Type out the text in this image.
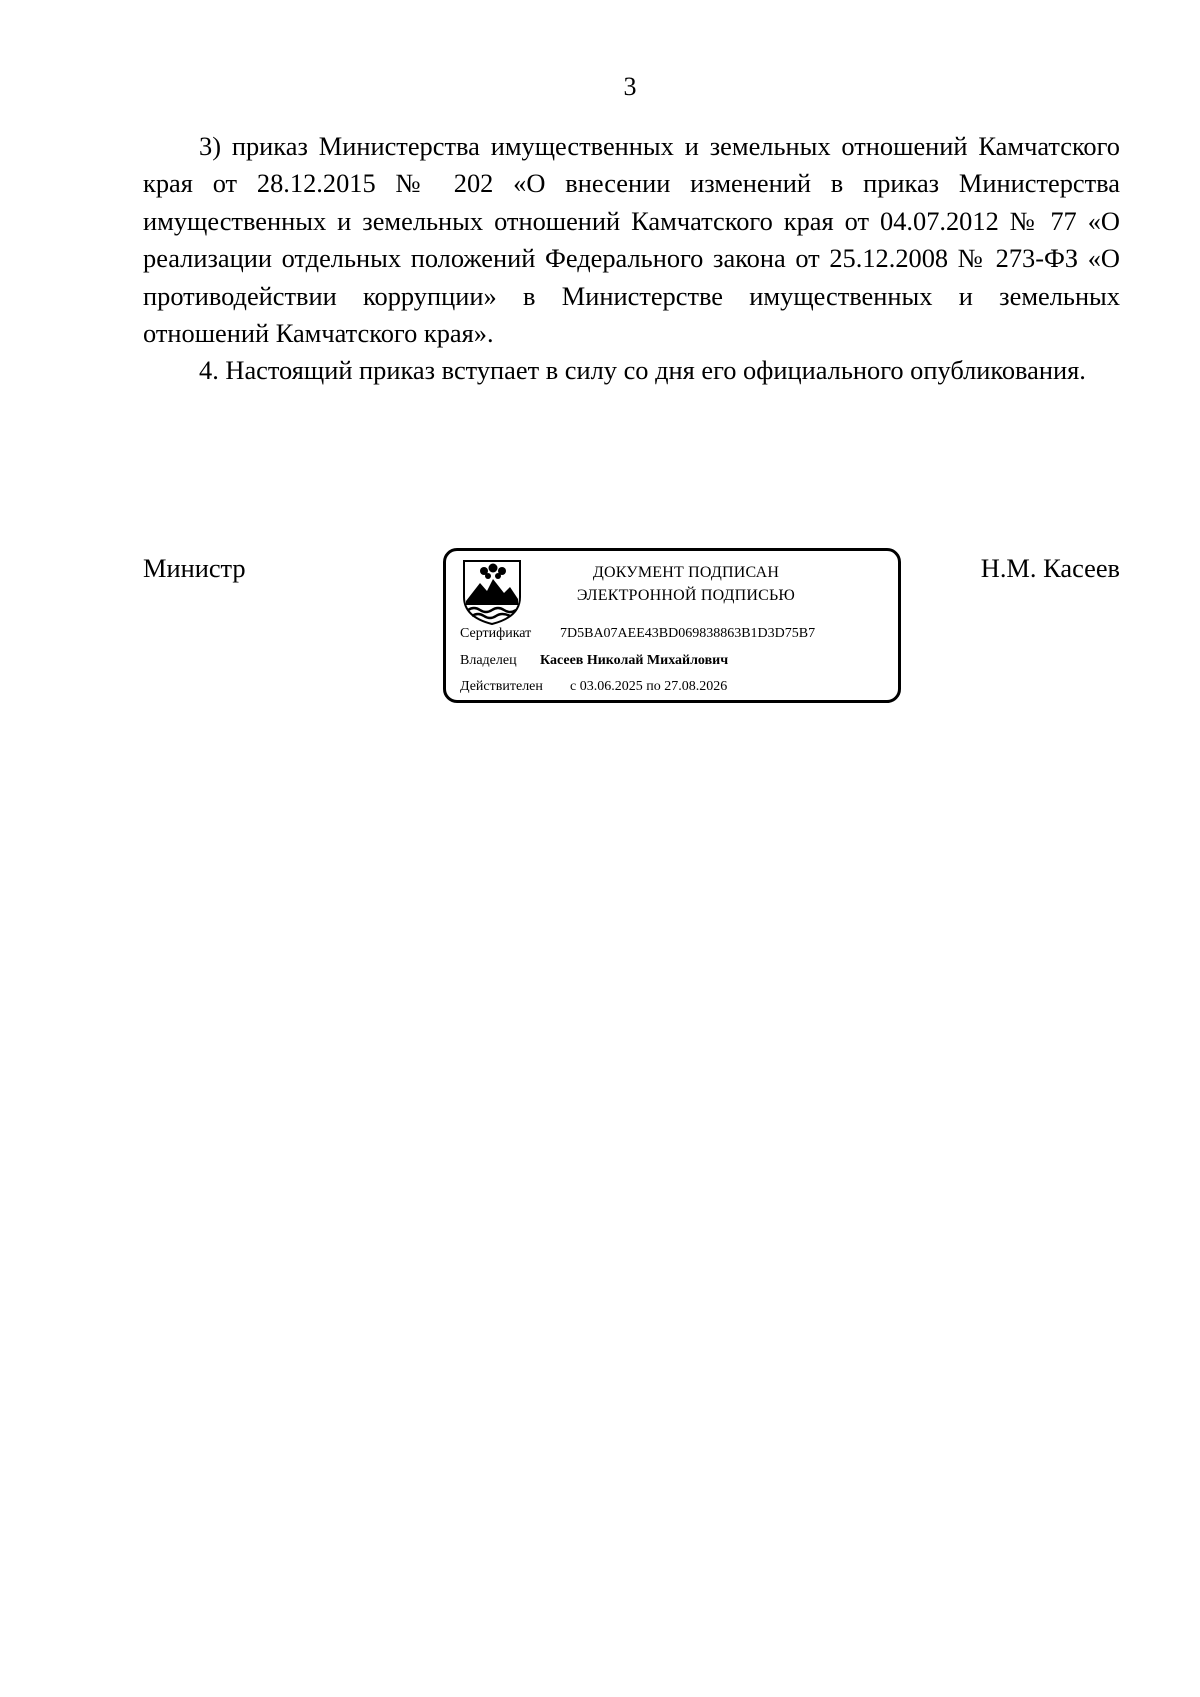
3

3) приказ Министерства имущественных и земельных отношений Камчатского края от 28.12.2015 № 202 «О внесении изменений в приказ Министерства имущественных и земельных отношений Камчатского края от 04.07.2012 № 77 «О реализации отдельных положений Федерального закона от 25.12.2008 № 273-ФЗ «О противодействии коррупции» в Министерстве имущественных и земельных отношений Камчатского края».

4. Настоящий приказ вступает в силу со дня его официального опубликования.

Министр	ДОКУМЕНТ ПОДПИСАН
ЭЛЕКТРОННОЙ ПОДПИСЬЮ
Сертификат 7D5BA07AEE43BD069838863B1D3D75B7
Владелец Касеев Николай Михайлович
Действителен с 03.06.2025 по 27.08.2026
Н.М. Касеев
